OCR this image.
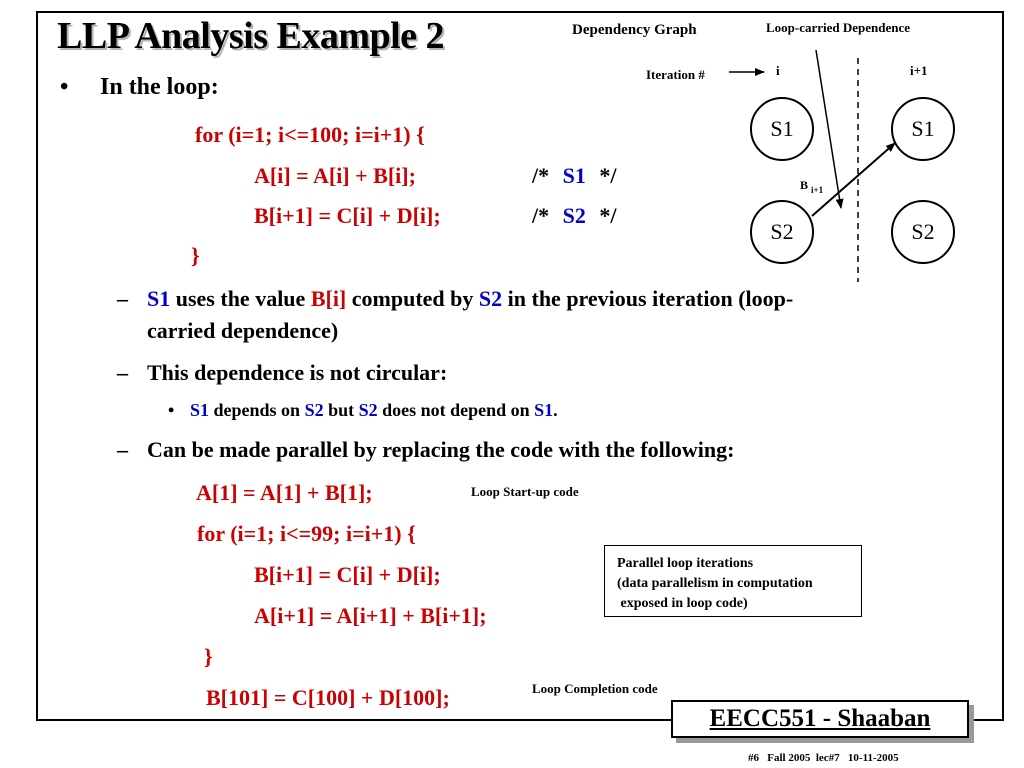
LLP Analysis Example 2
• In the loop:
for (i=1; i<=100; i=i+1) {
A[i] = A[i] + B[i];	/* S1 */
B[i+1] = C[i] + D[i];	/* S2 */
}
– S1 uses the value B[i] computed by S2 in the previous iteration (loop-
carried dependence)
– This dependence is not circular:
• S1 depends on S2 but S2 does not depend on S1.
– Can be made parallel by replacing the code with the following:
A[1] = A[1] + B[1];	Loop Start-up code
for (i=1; i<=99; i=i+1) {
B[i+1] = C[i] + D[i];
A[i+1] = A[i+1] + B[i+1];
}
B[101] = C[100] + D[100];	Loop Completion code
Parallel loop iterations
(data parallelism in computation
exposed in loop code)
Dependency Graph	Loop-carried Dependence
Iteration #	i	i+1
S1
S2
S1
S2
B $_{i+1}$
EECC551 - Shaaban
#6   Fall 2005  lec#7   10-11-2005
